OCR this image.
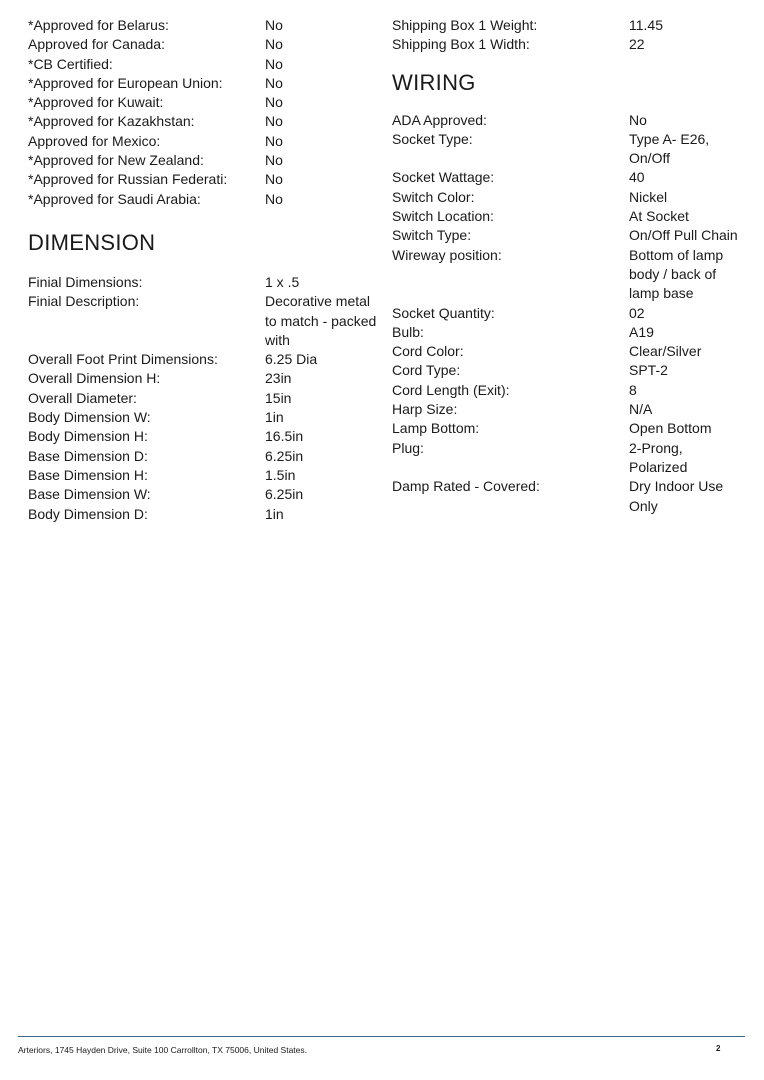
*Approved for Belarus:	No
Approved for Canada:	No
*CB Certified:	No
*Approved for European Union:	No
*Approved for Kuwait:	No
*Approved for Kazakhstan:	No
Approved for Mexico:	No
*Approved for New Zealand:	No
*Approved for Russian Federati:	No
*Approved for Saudi Arabia:	No
DIMENSION
Finial Dimensions:	1 x .5
Finial Description:	Decorative metal to match - packed with
Overall Foot Print Dimensions:	6.25 Dia
Overall Dimension H:	23in
Overall Diameter:	15in
Body Dimension W:	1in
Body Dimension H:	16.5in
Base Dimension D:	6.25in
Base Dimension H:	1.5in
Base Dimension W:	6.25in
Body Dimension D:	1in
Shipping Box 1 Weight:	11.45
Shipping Box 1 Width:	22
WIRING
ADA Approved:	No
Socket Type:	Type A- E26, On/Off
Socket Wattage:	40
Switch Color:	Nickel
Switch Location:	At Socket
Switch Type:	On/Off Pull Chain
Wireway position:	Bottom of lamp body / back of lamp base
Socket Quantity:	02
Bulb:	A19
Cord Color:	Clear/Silver
Cord Type:	SPT-2
Cord Length (Exit):	8
Harp Size:	N/A
Lamp Bottom:	Open Bottom
Plug:	2-Prong, Polarized
Damp Rated - Covered:	Dry Indoor Use Only
Arteriors, 1745 Hayden Drive, Suite 100 Carrollton, TX 75006, United States.	2
